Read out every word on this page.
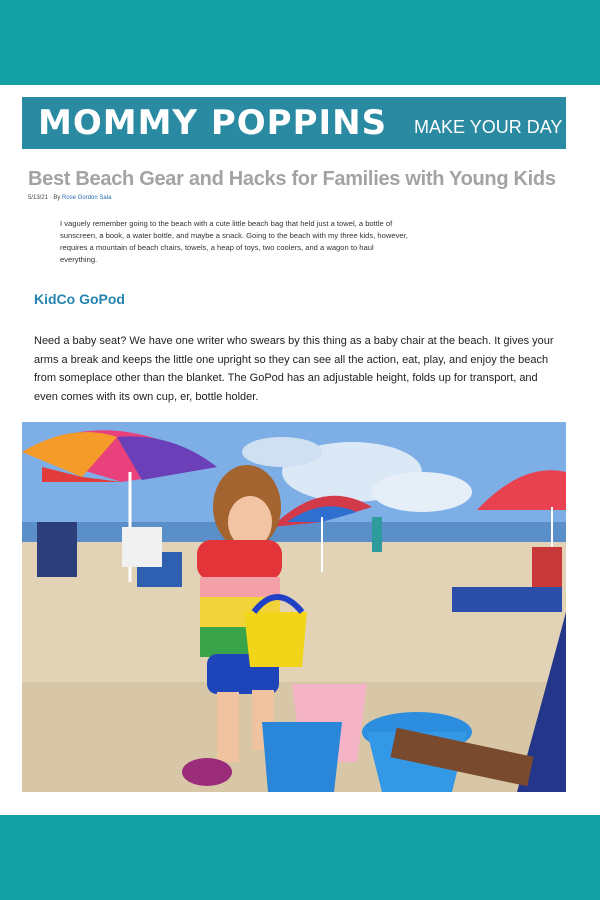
MOMMY POPPINS MAKE YOUR DAY
Best Beach Gear and Hacks for Families with Young Kids
5/13/21 · By Rose Gordon Sala

I vaguely remember going to the beach with a cute little beach bag that held just a towel, a bottle of sunscreen, a book, a water bottle, and maybe a snack. Going to the beach with my three kids, however, requires a mountain of beach chairs, towels, a heap of toys, two coolers, and a wagon to haul everything.

KidCo GoPod

Need a baby seat? We have one writer who swears by this thing as a baby chair at the beach. It gives your arms a break and keeps the little one upright so they can see all the action, eat, play, and enjoy the beach from someplace other than the blanket. The GoPod has an adjustable height, folds up for transport, and even comes with its own cup, er, bottle holder.
